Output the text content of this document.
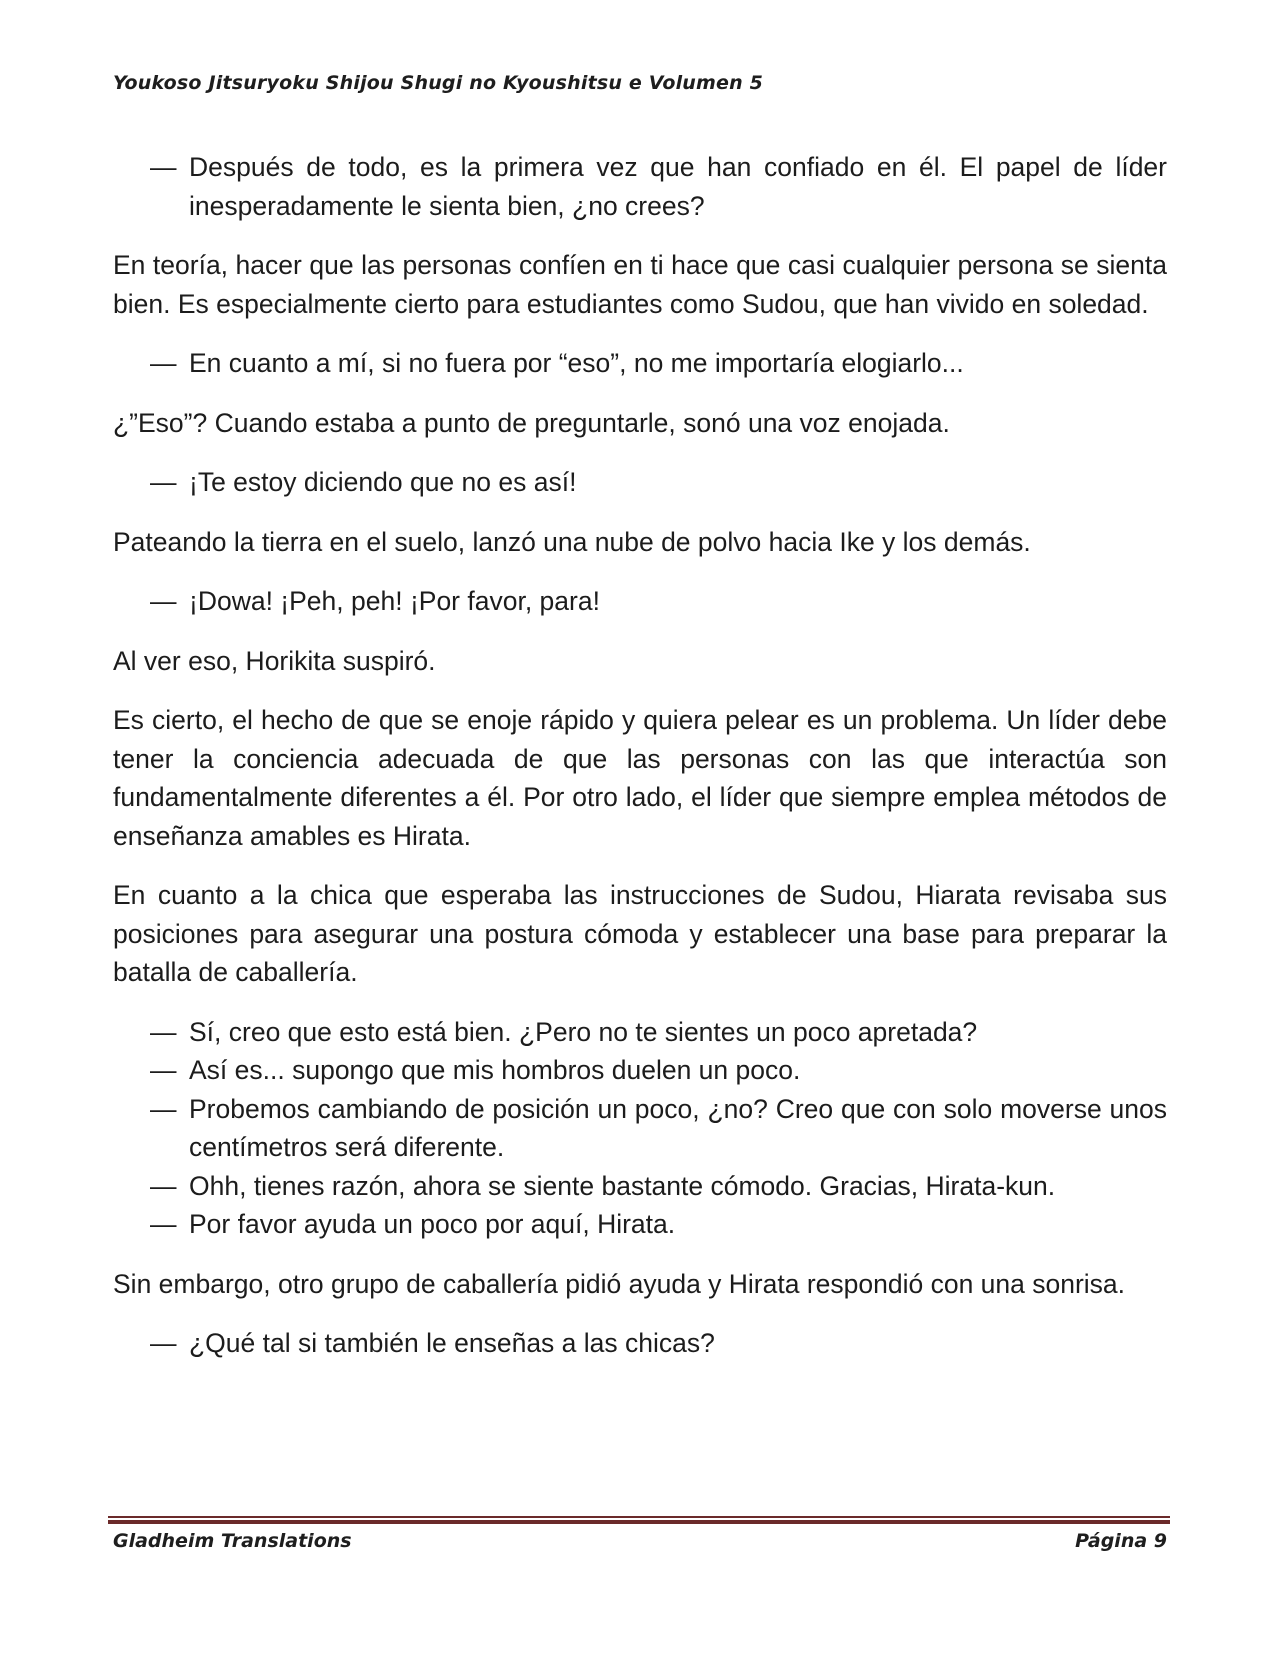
Youkoso Jitsuryoku Shijou Shugi no Kyoushitsu e Volumen 5
— Después de todo, es la primera vez que han confiado en él. El papel de líder inesperadamente le sienta bien, ¿no crees?

En teoría, hacer que las personas confíen en ti hace que casi cualquier persona se sienta bien. Es especialmente cierto para estudiantes como Sudou, que han vivido en soledad.

— En cuanto a mí, si no fuera por “eso”, no me importaría elogiarlo...

¿”Eso”? Cuando estaba a punto de preguntarle, sonó una voz enojada.

— ¡Te estoy diciendo que no es así!

Pateando la tierra en el suelo, lanzó una nube de polvo hacia Ike y los demás.

— ¡Dowa! ¡Peh, peh! ¡Por favor, para!

Al ver eso, Horikita suspiró.

Es cierto, el hecho de que se enoje rápido y quiera pelear es un problema. Un líder debe tener la conciencia adecuada de que las personas con las que interactúa son fundamentalmente diferentes a él. Por otro lado, el líder que siempre emplea métodos de enseñanza amables es Hirata.

En cuanto a la chica que esperaba las instrucciones de Sudou, Hiarata revisaba sus posiciones para asegurar una postura cómoda y establecer una base para preparar la batalla de caballería.

— Sí, creo que esto está bien. ¿Pero no te sientes un poco apretada?
— Así es... supongo que mis hombros duelen un poco.
— Probemos cambiando de posición un poco, ¿no? Creo que con solo moverse unos centímetros será diferente.
— Ohh, tienes razón, ahora se siente bastante cómodo. Gracias, Hirata-kun.
— Por favor ayuda un poco por aquí, Hirata.

Sin embargo, otro grupo de caballería pidió ayuda y Hirata respondió con una sonrisa.

— ¿Qué tal si también le enseñas a las chicas?
Gladheim Translations	Página 9
